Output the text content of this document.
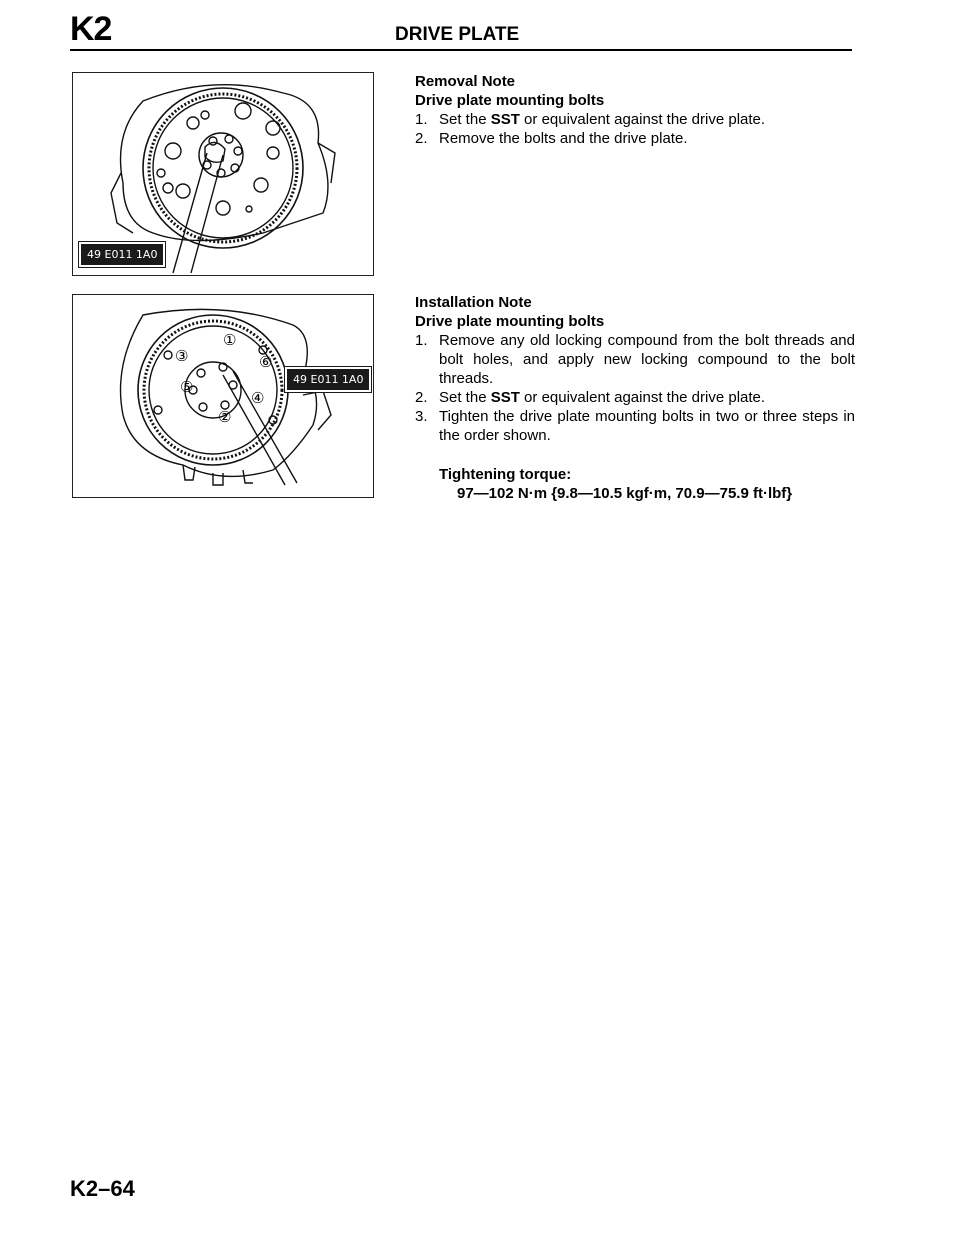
K2	DRIVE PLATE
49 E011 1A0
①
②
③
④
⑤
⑥
49 E011 1A0
Removal Note
Drive plate mounting bolts
1. Set the SST or equivalent against the drive plate.
2. Remove the bolts and the drive plate.
Installation Note
Drive plate mounting bolts
1. Remove any old locking compound from the bolt threads and bolt holes, and apply new locking compound to the bolt threads.
2. Set the SST or equivalent against the drive plate.
3. Tighten the drive plate mounting bolts in two or three steps in the order shown.
Tightening torque:
97—102 N·m {9.8—10.5 kgf·m, 70.9—75.9 ft·lbf}
K2–64
